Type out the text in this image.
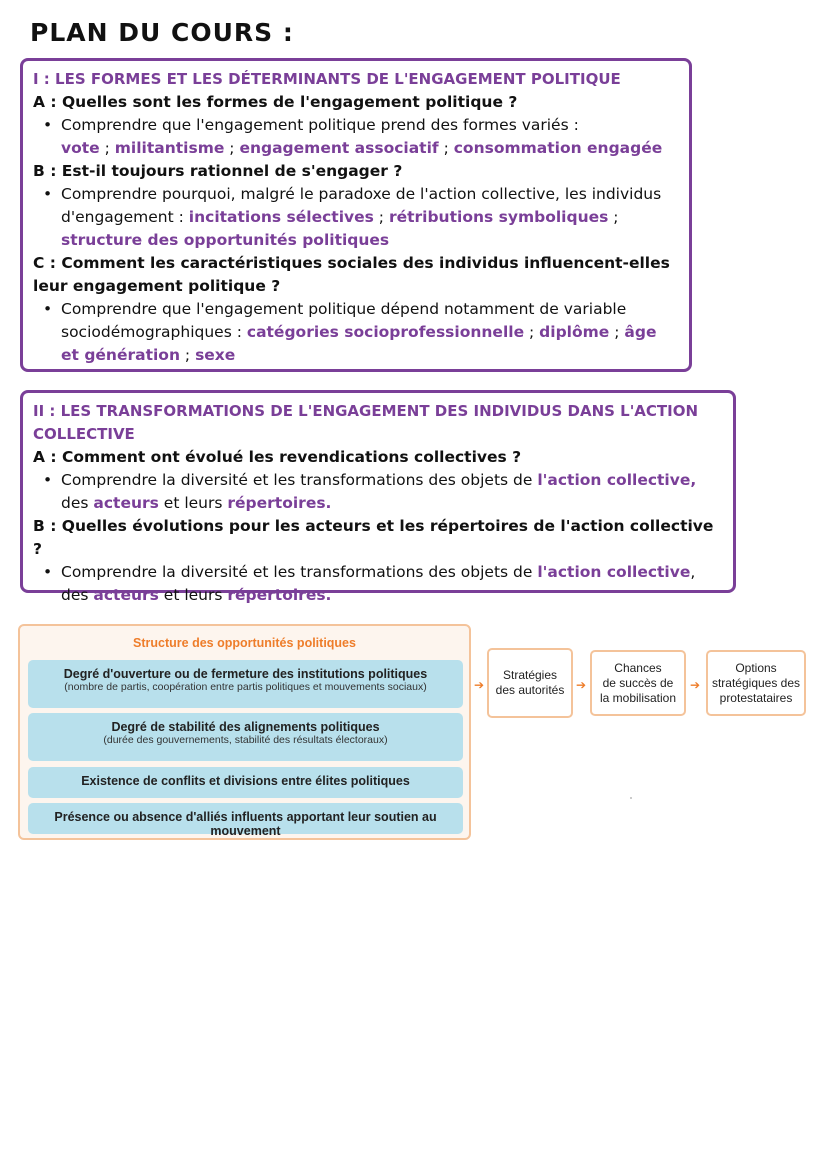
PLAN DU COURS :
I : LES FORMES ET LES DÉTERMINANTS DE L'ENGAGEMENT POLITIQUE
A : Quelles sont les formes de l'engagement politique ?
• Comprendre que l'engagement politique prend des formes variés :
vote ; militantisme ; engagement associatif ; consommation engagée
B : Est-il toujours rationnel de s'engager ?
• Comprendre pourquoi, malgré le paradoxe de l'action collective, les individus d'engagement : incitations sélectives ; rétributions symboliques ; structure des opportunités politiques
C : Comment les caractéristiques sociales des individus influencent-elles leur engagement politique ?
• Comprendre que l'engagement politique dépend notamment de variable sociodémographiques : catégories socioprofessionnelle ; diplôme ; âge et génération ; sexe
II : LES TRANSFORMATIONS DE L'ENGAGEMENT DES INDIVIDUS DANS L'ACTION COLLECTIVE
A : Comment ont évolué les revendications collectives ?
• Comprendre la diversité et les transformations des objets de l'action collective, des acteurs et leurs répertoires.
B : Quelles évolutions pour les acteurs et les répertoires de l'action collective ?
• Comprendre la diversité et les transformations des objets de l'action collective, des acteurs et leurs répertoires.
Structure des opportunités politiques
Degré d'ouverture ou de fermeture des institutions politiques
(nombre de partis, coopération entre partis politiques et mouvements sociaux)
Degré de stabilité des alignements politiques
(durée des gouvernements, stabilité des résultats électoraux)
Existence de conflits et divisions entre élites politiques
Présence ou absence d'alliés influents apportant leur soutien au mouvement
➔
Stratégies
des autorités ➔
Chances
de succès de
la mobilisation
➔
Options
stratégiques des
protestataires
